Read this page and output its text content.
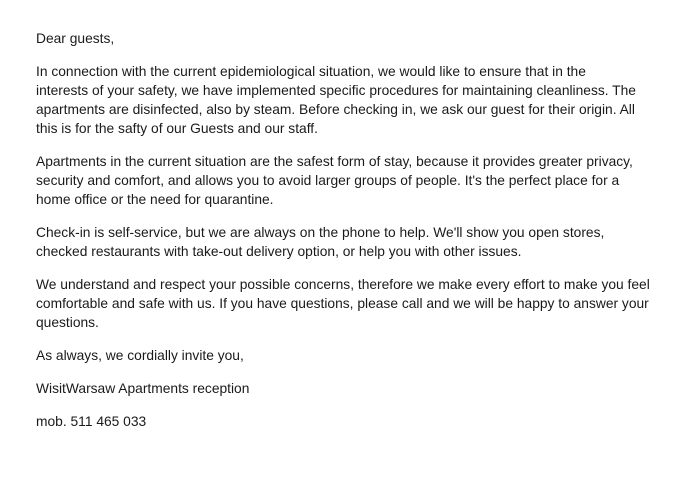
Dear guests,

In connection with the current epidemiological situation, we would like to ensure that in the
interests of your safety, we have implemented specific procedures for maintaining cleanliness. The
apartments are disinfected, also by steam. Before checking in, we ask our guest for their origin. All
this is for the safty of our Guests and our staff.

Apartments in the current situation are the safest form of stay, because it provides greater privacy,
security and comfort, and allows you to avoid larger groups of people. It's the perfect place for a
home office or the need for quarantine.

Check-in is self-service, but we are always on the phone to help. We'll show you open stores,
checked restaurants with take-out delivery option, or help you with other issues.

We understand and respect your possible concerns, therefore we make every effort to make you feel
comfortable and safe with us. If you have questions, please call and we will be happy to answer your
questions.

As always, we cordially invite you,

WisitWarsaw Apartments reception

mob. 511 465 033
